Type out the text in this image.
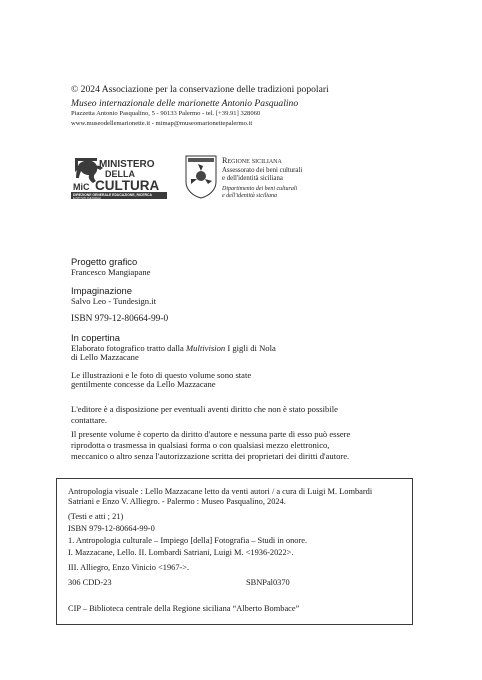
© 2024 Associazione per la conservazione delle tradizioni popolari
Museo internazionale delle marionette Antonio Pasqualino
Piazzetta Antonio Pasqualino, 5 - 90133 Palermo - tel. [+39.91] 328060
www.museodellemarionette.it - mimap@museomarionettepalermo.it
MINISTERO
DELLA
MiC CULTURA
DIREZIONE GENERALE EDUCAZIONE, RICERCA
E ISTITUTI CULTURALI
Regione siciliana
Assessorato dei beni culturali
e dell'identità siciliana
Dipartimento dei beni culturali
e dell'identità siciliana
Progetto grafico
Francesco Mangiapane
Impaginazione
Salvo Leo - Tundesign.it
ISBN 979-12-80664-99-0
In copertina
Elaborato fotografico tratto dalla Multivision I gigli di Nola
di Lello Mazzacane
Le illustrazioni e le foto di questo volume sono state
gentilmente concesse da Lello Mazzacane
L'editore è a disposizione per eventuali aventi diritto che non è stato possibile
contattare.
Il presente volume è coperto da diritto d'autore e nessuna parte di esso può essere
riprodotta o trasmessa in qualsiasi forma o con qualsiasi mezzo elettronico,
meccanico o altro senza l'autorizzazione scritta dei proprietari dei diritti d'autore.
Antropologia visuale : Lello Mazzacane letto da venti autori / a cura di Luigi M. Lombardi
Satriani e Enzo V. Alliegro. - Palermo : Museo Pasqualino, 2024.
(Testi e atti ; 21)
ISBN 979-12-80664-99-0
1. Antropologia culturale – Impiego [della] Fotografia – Studi in onore.
I. Mazzacane, Lello. II. Lombardi Satriani, Luigi M. <1936-2022>.
III. Alliegro, Enzo Vinicio <1967->.
306 CDD-23	SBNPal0370
CIP – Biblioteca centrale della Regione siciliana “Alberto Bombace”
